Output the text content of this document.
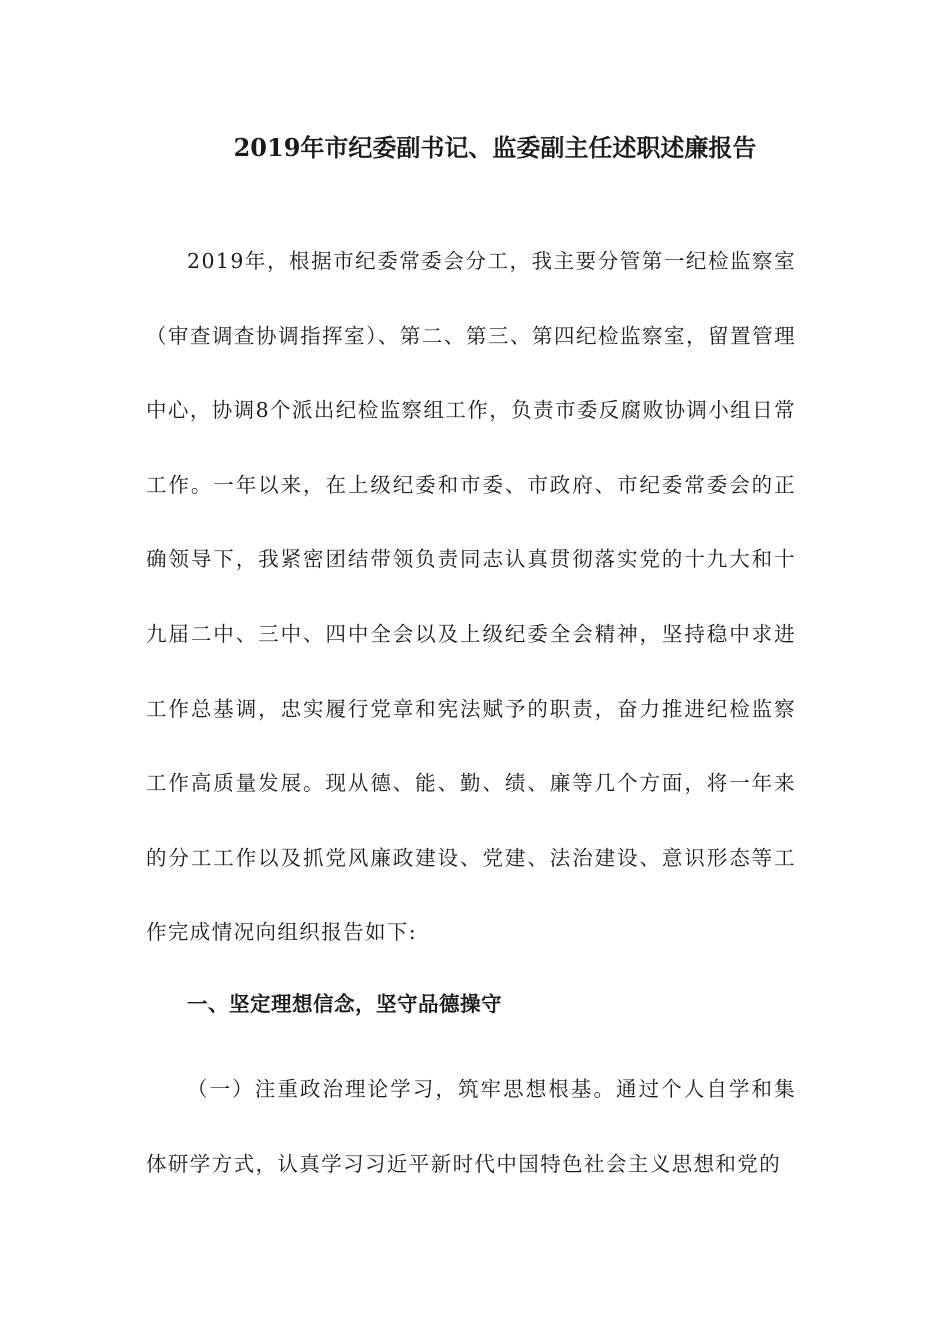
2019年市纪委副书记、监委副主任述职述廉报告

2019年，根据市纪委常委会分工，我主要分管第一纪检监察室（审查调查协调指挥室）、第二、第三、第四纪检监察室，留置管理中心，协调8个派出纪检监察组工作，负责市委反腐败协调小组日常工作。一年以来，在上级纪委和市委、市政府、市纪委常委会的正确领导下，我紧密团结带领负责同志认真贯彻落实党的十九大和十九届二中、三中、四中全会以及上级纪委全会精神，坚持稳中求进工作总基调，忠实履行党章和宪法赋予的职责，奋力推进纪检监察工作高质量发展。现从德、能、勤、绩、廉等几个方面，将一年来的分工工作以及抓党风廉政建设、党建、法治建设、意识形态等工作完成情况向组织报告如下:

一、坚定理想信念，坚守品德操守

（一）注重政治理论学习，筑牢思想根基。通过个人自学和集体研学方式，认真学习习近平新时代中国特色社会主义思想和党的
